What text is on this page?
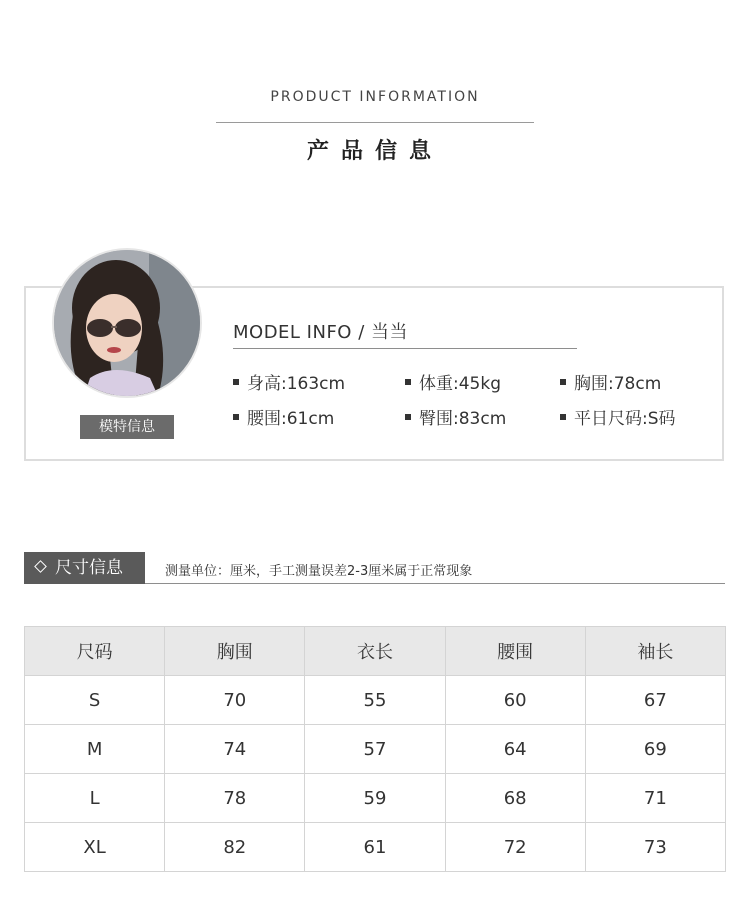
PRODUCT INFORMATION
产品信息
模特信息
MODEL INFO / 当当
身高:163cm	体重:45kg	胸围:78cm
腰围:61cm	臀围:83cm	平日尺码:S码
尺寸信息	测量单位：厘米，手工测量误差2-3厘米属于正常现象
尺码	胸围	衣长	腰围	袖长
S	70	55	60	67
M	74	57	64	69
L	78	59	68	71
XL	82	61	72	73
